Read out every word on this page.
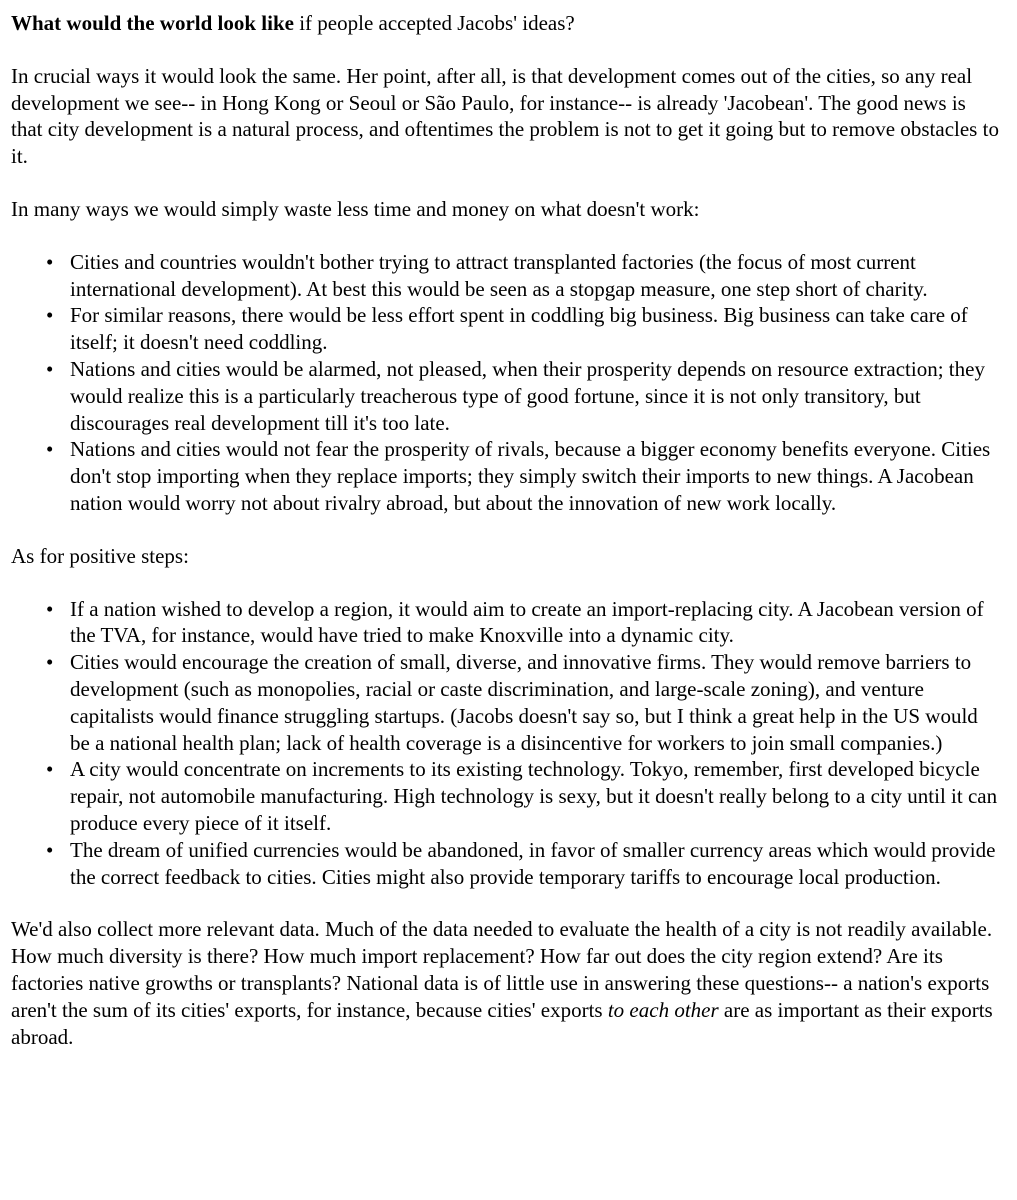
What would the world look like if people accepted Jacobs' ideas?

In crucial ways it would look the same. Her point, after all, is that development comes out of the cities, so any real development we see-- in Hong Kong or Seoul or São Paulo, for instance-- is already 'Jacobean'. The good news is that city development is a natural process, and oftentimes the problem is not to get it going but to remove obstacles to it.

In many ways we would simply waste less time and money on what doesn't work:

• Cities and countries wouldn't bother trying to attract transplanted factories (the focus of most current international development). At best this would be seen as a stopgap measure, one step short of charity.
• For similar reasons, there would be less effort spent in coddling big business. Big business can take care of itself; it doesn't need coddling.
• Nations and cities would be alarmed, not pleased, when their prosperity depends on resource extraction; they would realize this is a particularly treacherous type of good fortune, since it is not only transitory, but discourages real development till it's too late.
• Nations and cities would not fear the prosperity of rivals, because a bigger economy benefits everyone. Cities don't stop importing when they replace imports; they simply switch their imports to new things. A Jacobean nation would worry not about rivalry abroad, but about the innovation of new work locally.

As for positive steps:

• If a nation wished to develop a region, it would aim to create an import-replacing city. A Jacobean version of the TVA, for instance, would have tried to make Knoxville into a dynamic city.
• Cities would encourage the creation of small, diverse, and innovative firms. They would remove barriers to development (such as monopolies, racial or caste discrimination, and large-scale zoning), and venture capitalists would finance struggling startups. (Jacobs doesn't say so, but I think a great help in the US would be a national health plan; lack of health coverage is a disincentive for workers to join small companies.)
• A city would concentrate on increments to its existing technology. Tokyo, remember, first developed bicycle repair, not automobile manufacturing. High technology is sexy, but it doesn't really belong to a city until it can produce every piece of it itself.
• The dream of unified currencies would be abandoned, in favor of smaller currency areas which would provide the correct feedback to cities. Cities might also provide temporary tariffs to encourage local production.

We'd also collect more relevant data. Much of the data needed to evaluate the health of a city is not readily available. How much diversity is there? How much import replacement? How far out does the city region extend? Are its factories native growths or transplants? National data is of little use in answering these questions-- a nation's exports aren't the sum of its cities' exports, for instance, because cities' exports to each other are as important as their exports abroad.
